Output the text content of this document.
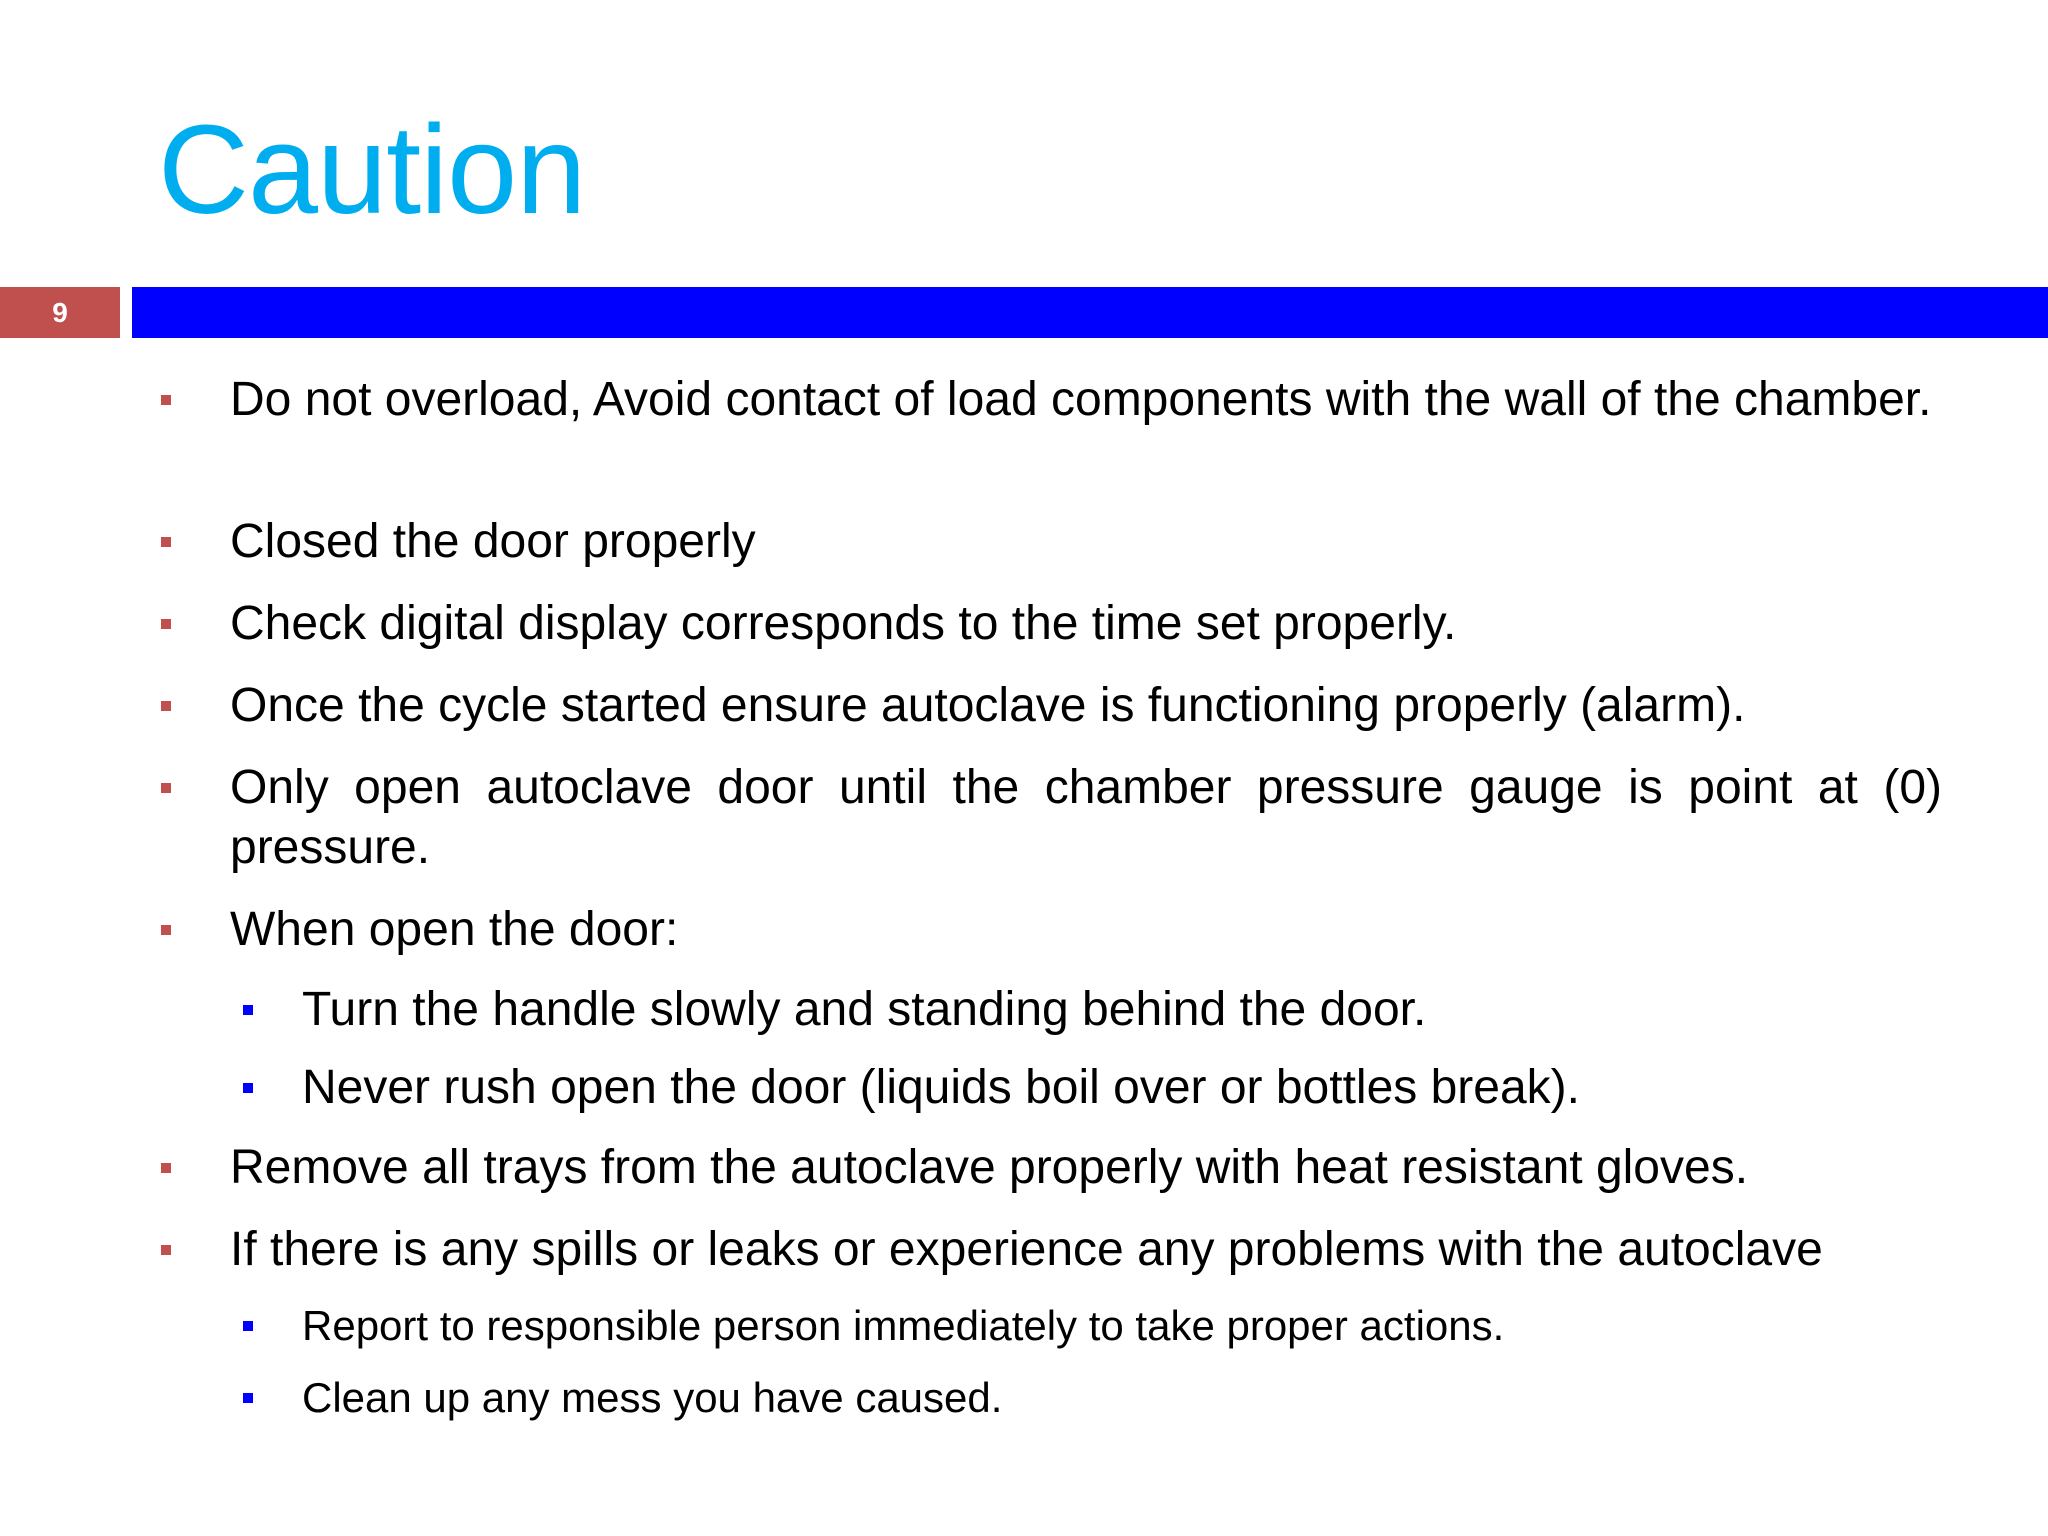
Caution
9
Do not overload, Avoid contact of load components with the wall of the chamber.
Closed the door properly
Check digital display corresponds to the time set properly.
Once the cycle started ensure autoclave is functioning properly (alarm).
Only open autoclave door until the chamber pressure gauge is point at (0) pressure.
When open the door:
Turn the handle slowly and standing behind the door.
Never rush open the door (liquids boil over or bottles break).
Remove all trays from the autoclave properly with heat resistant gloves.
If there is any spills or leaks or experience any problems with the autoclave
Report to responsible person immediately to take proper actions.
Clean up any mess you have caused.
